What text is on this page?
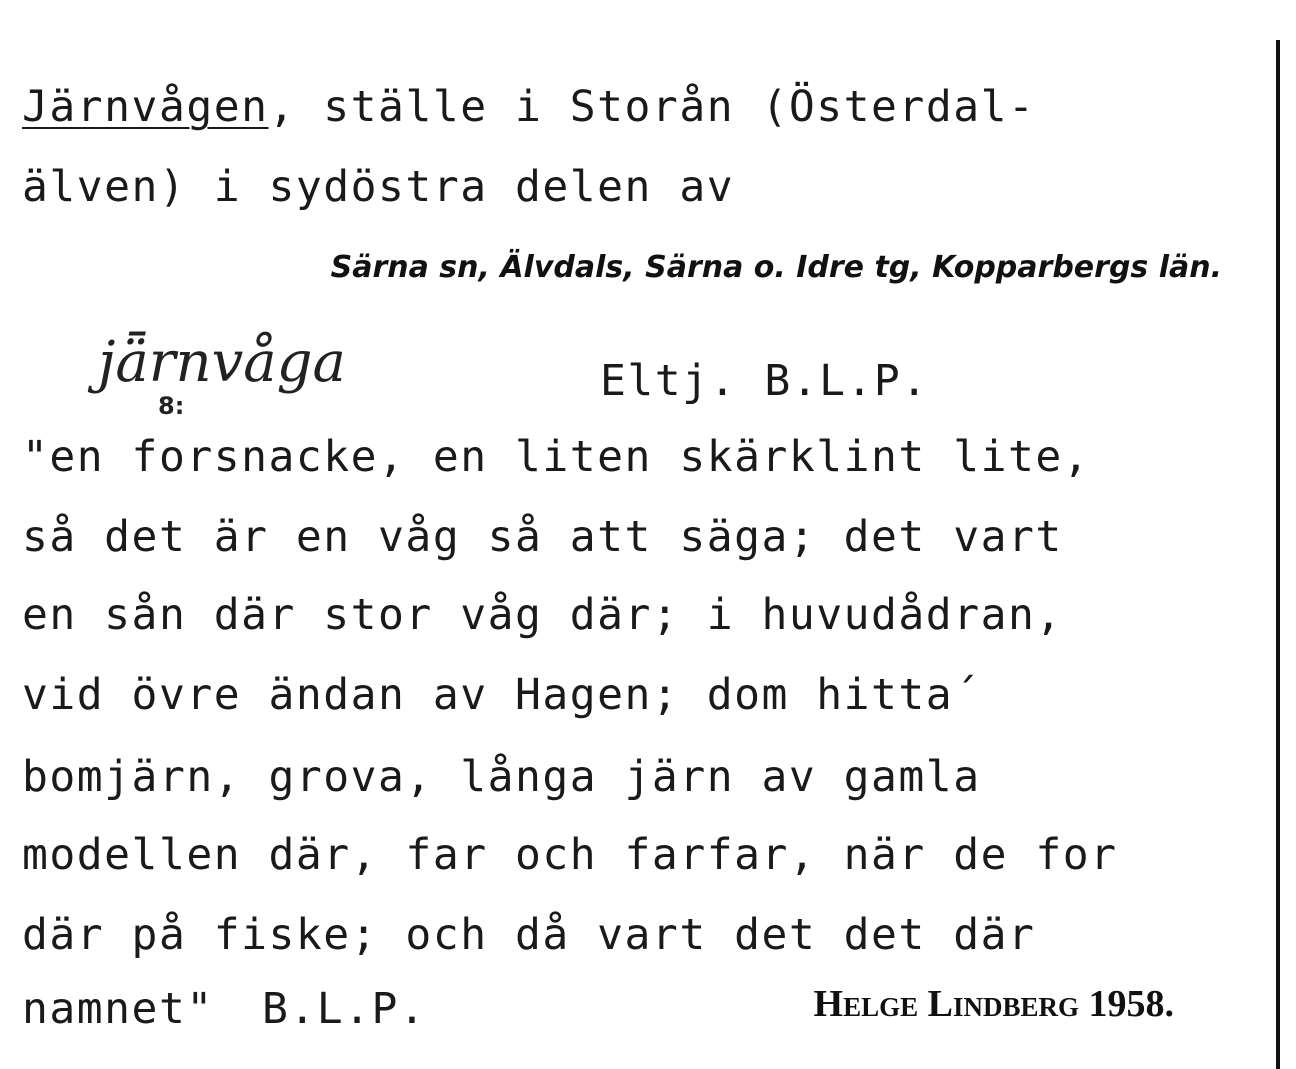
Järnvågen, ställe i Storån (Österdal-
älven) i sydöstra delen av
Särna sn, Älvdals, Särna o. Idre tg, Kopparbergs län.
jǟrnvåga
8:	Eltj. B.L.P.
"en forsnacke, en liten skärklint lite,
så det är en våg så att säga; det vart
en sån där stor våg där; i huvudådran,
vid övre ändan av Hagen; dom hitta´
bomjärn, grova, långa järn av gamla
modellen där, far och farfar, när de for
där på fiske; och då vart det det där
namnet" B.L.P.	Helge Lindberg 1958.
